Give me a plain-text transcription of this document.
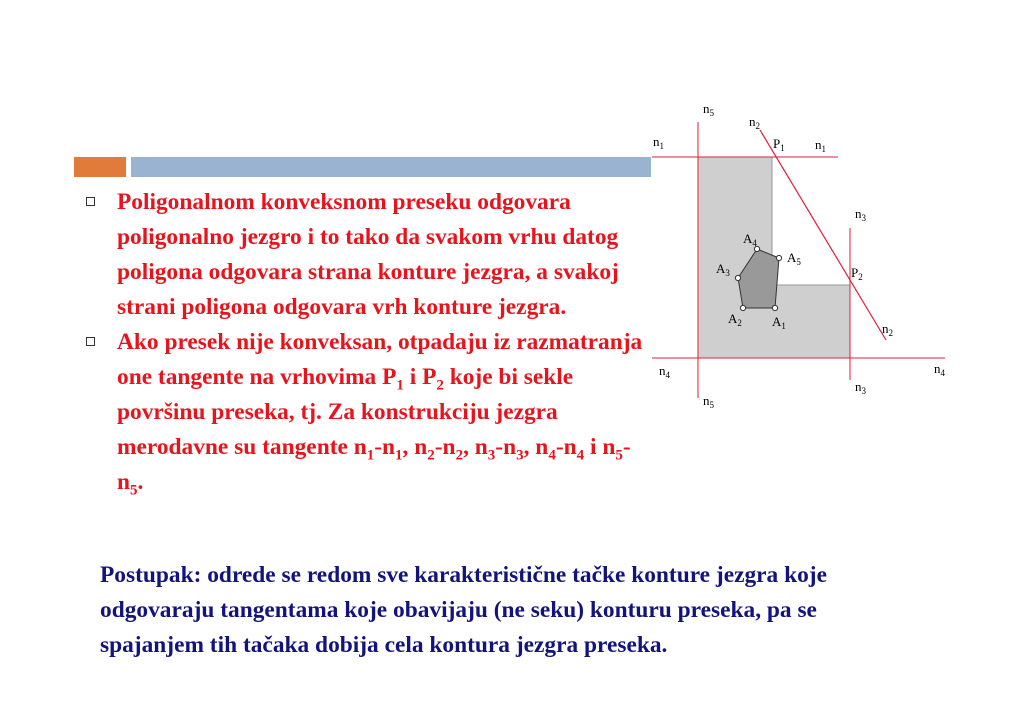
Poligonalnom konveksnom preseku odgovara poligonalno jezgro i to tako da svakom vrhu datog poligona odgovara strana konture jezgra, a svakoj strani poligona odgovara vrh konture jezgra.
Ako presek nije konveksan, otpadaju iz razmatranja one tangente na vrhovima $P_1$ i $P_2$ koje bi sekle površinu preseka, tj. Za konstrukciju jezgra merodavne su tangente $n_1-n_1$, $n_2-n_2$, $n_3-n_3$, $n_4-n_4$ i $n_5-n_5$.

Postupak: odrede se redom sve karakteristične tačke konture jezgra koje odgovaraju tangentama koje obavijaju (ne seku) konturu preseka, pa se spajanjem tih tačaka dobija cela kontura jezgra preseka.

$n_5$
$n_2$
$n_1$	$P_1$ $n_1$
$n_3$
$A_4$
$A_5$
$A_3$	$P_2$
$A_2$ $A_1$	$n_2$
$n_4$	$n_4$
$n_3$
$n_5$
